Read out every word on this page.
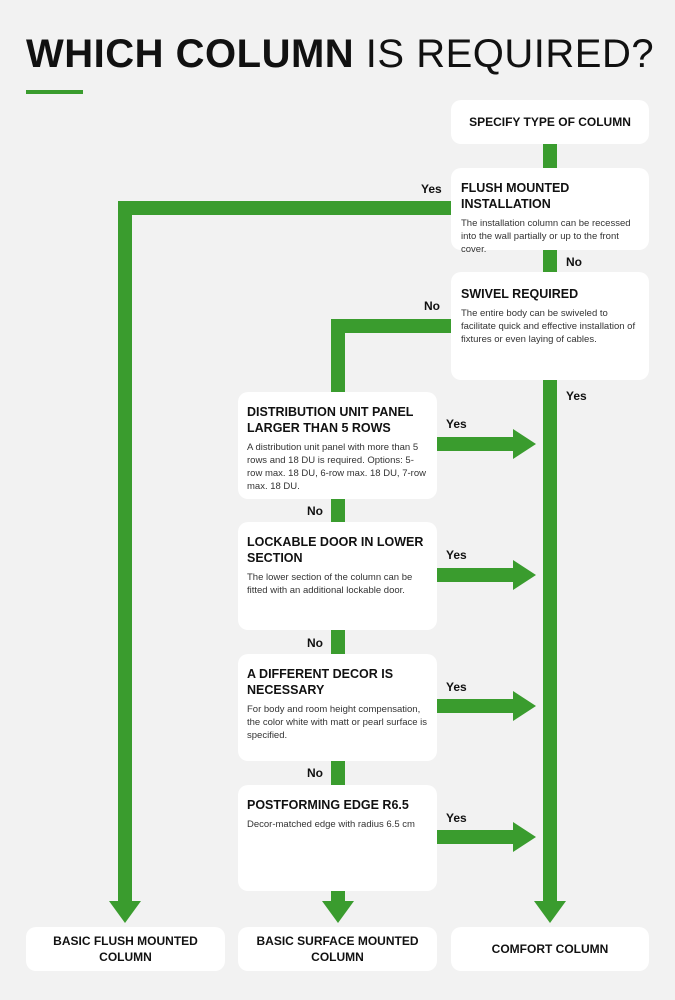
WHICH COLUMN IS REQUIRED?
SPECIFY TYPE OF COLUMN
FLUSH MOUNTED INSTALLATION
The installation column can be recessed into the wall partially or up to the front cover.
SWIVEL REQUIRED
The entire body can be swiveled to facilitate quick and effective installation of fixtures or even laying of cables.
DISTRIBUTION UNIT PANEL LARGER THAN 5 ROWS
A distribution unit panel with more than 5 rows and 18 DU is required. Options: 5-row max. 18 DU, 6-row max. 18 DU, 7-row max. 18 DU.
LOCKABLE DOOR IN LOWER SECTION
The lower section of the column can be fitted with an additional lockable door.
A DIFFERENT DECOR IS NECESSARY
For body and room height compensation, the color white with matt or pearl surface is specified.
POSTFORMING EDGE R6.5
Decor-matched edge with radius 6.5 cm
BASIC FLUSH MOUNTED COLUMN
BASIC SURFACE MOUNTED COLUMN
COMFORT COLUMN
Yes
No
No
Yes
Yes
No
Yes
No
Yes
No
Yes
